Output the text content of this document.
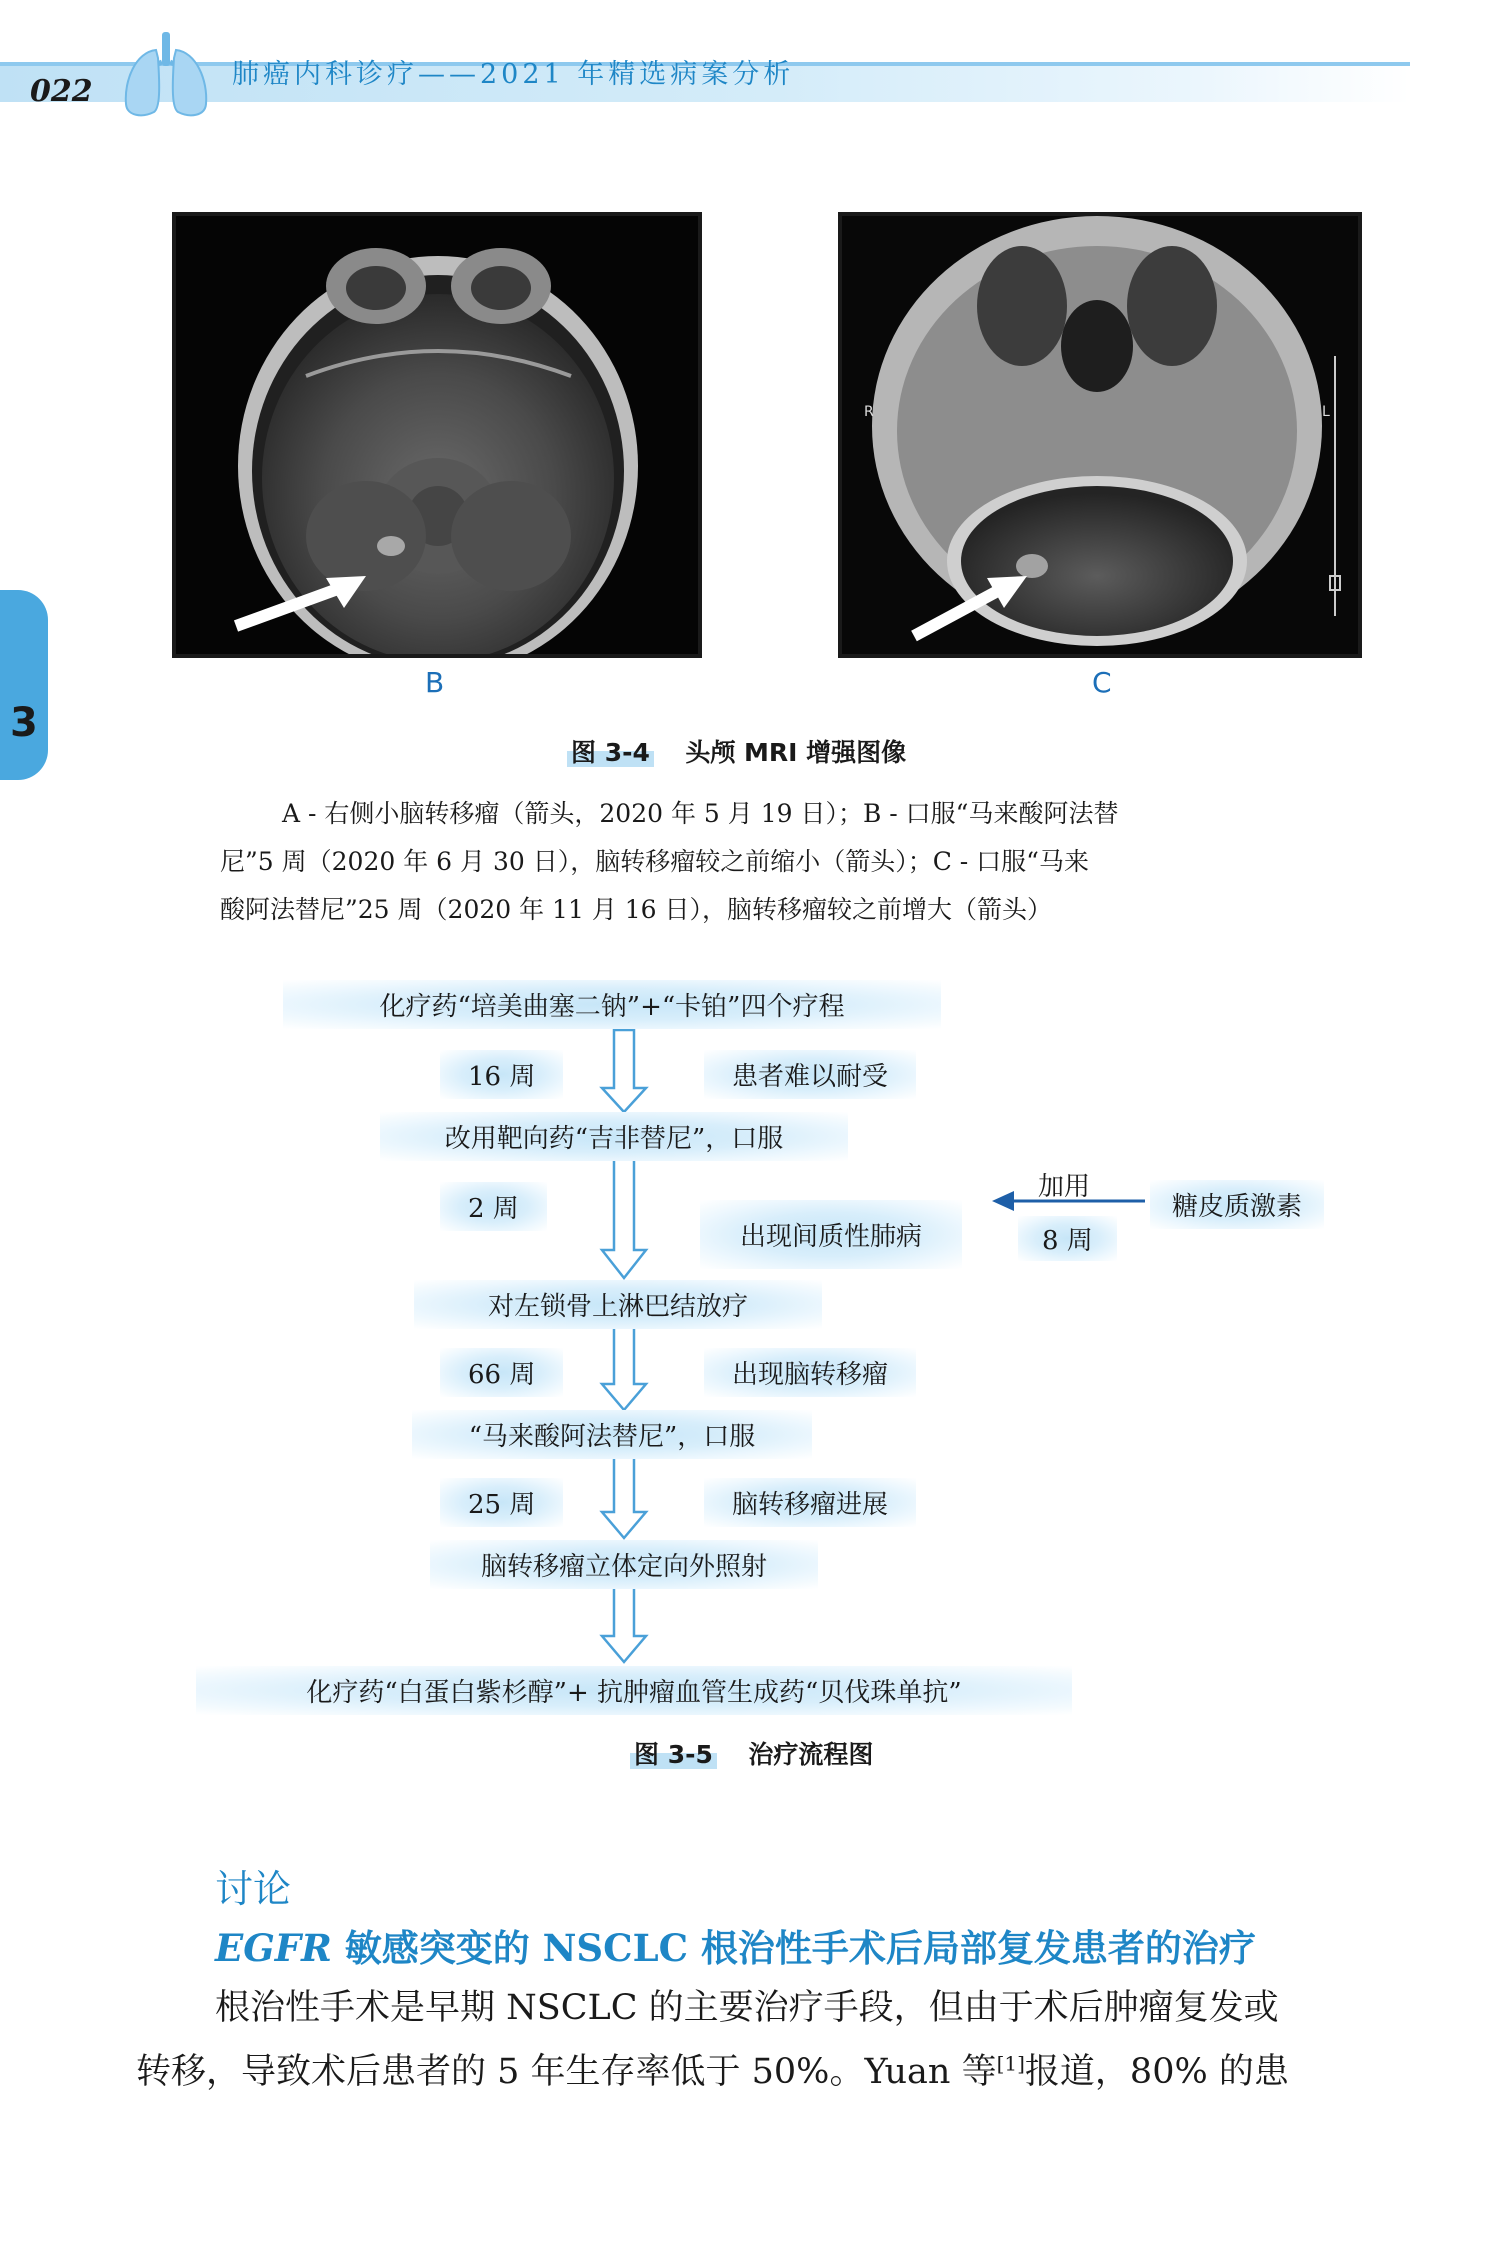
022	肺癌内科诊疗——2021 年精选病案分析
3
B
R	L
C
图 3-4 头颅 MRI 增强图像
A - 右侧小脑转移瘤（箭头，2020 年 5 月 19 日）；B - 口服“马来酸阿法替
尼”5 周（2020 年 6 月 30 日），脑转移瘤较之前缩小（箭头）；C - 口服“马来
酸阿法替尼”25 周（2020 年 11 月 16 日），脑转移瘤较之前增大（箭头）
化疗药“培美曲塞二钠”+“卡铂”四个疗程
16 周	患者难以耐受
改用靶向药“吉非替尼”，口服
2 周
出现间质性肺病
加用
8 周
糖皮质激素
对左锁骨上淋巴结放疗
66 周	出现脑转移瘤
“马来酸阿法替尼”，口服
25 周	脑转移瘤进展
脑转移瘤立体定向外照射
化疗药“白蛋白紫杉醇”+ 抗肿瘤血管生成药“贝伐珠单抗”
图 3-5 治疗流程图
讨论
EGFR 敏感突变的 NSCLC 根治性手术后局部复发患者的治疗
根治性手术是早期 NSCLC 的主要治疗手段，但由于术后肿瘤复发或
转移，导致术后患者的 5 年生存率低于 50%。Yuan 等[1]报道，80% 的患
